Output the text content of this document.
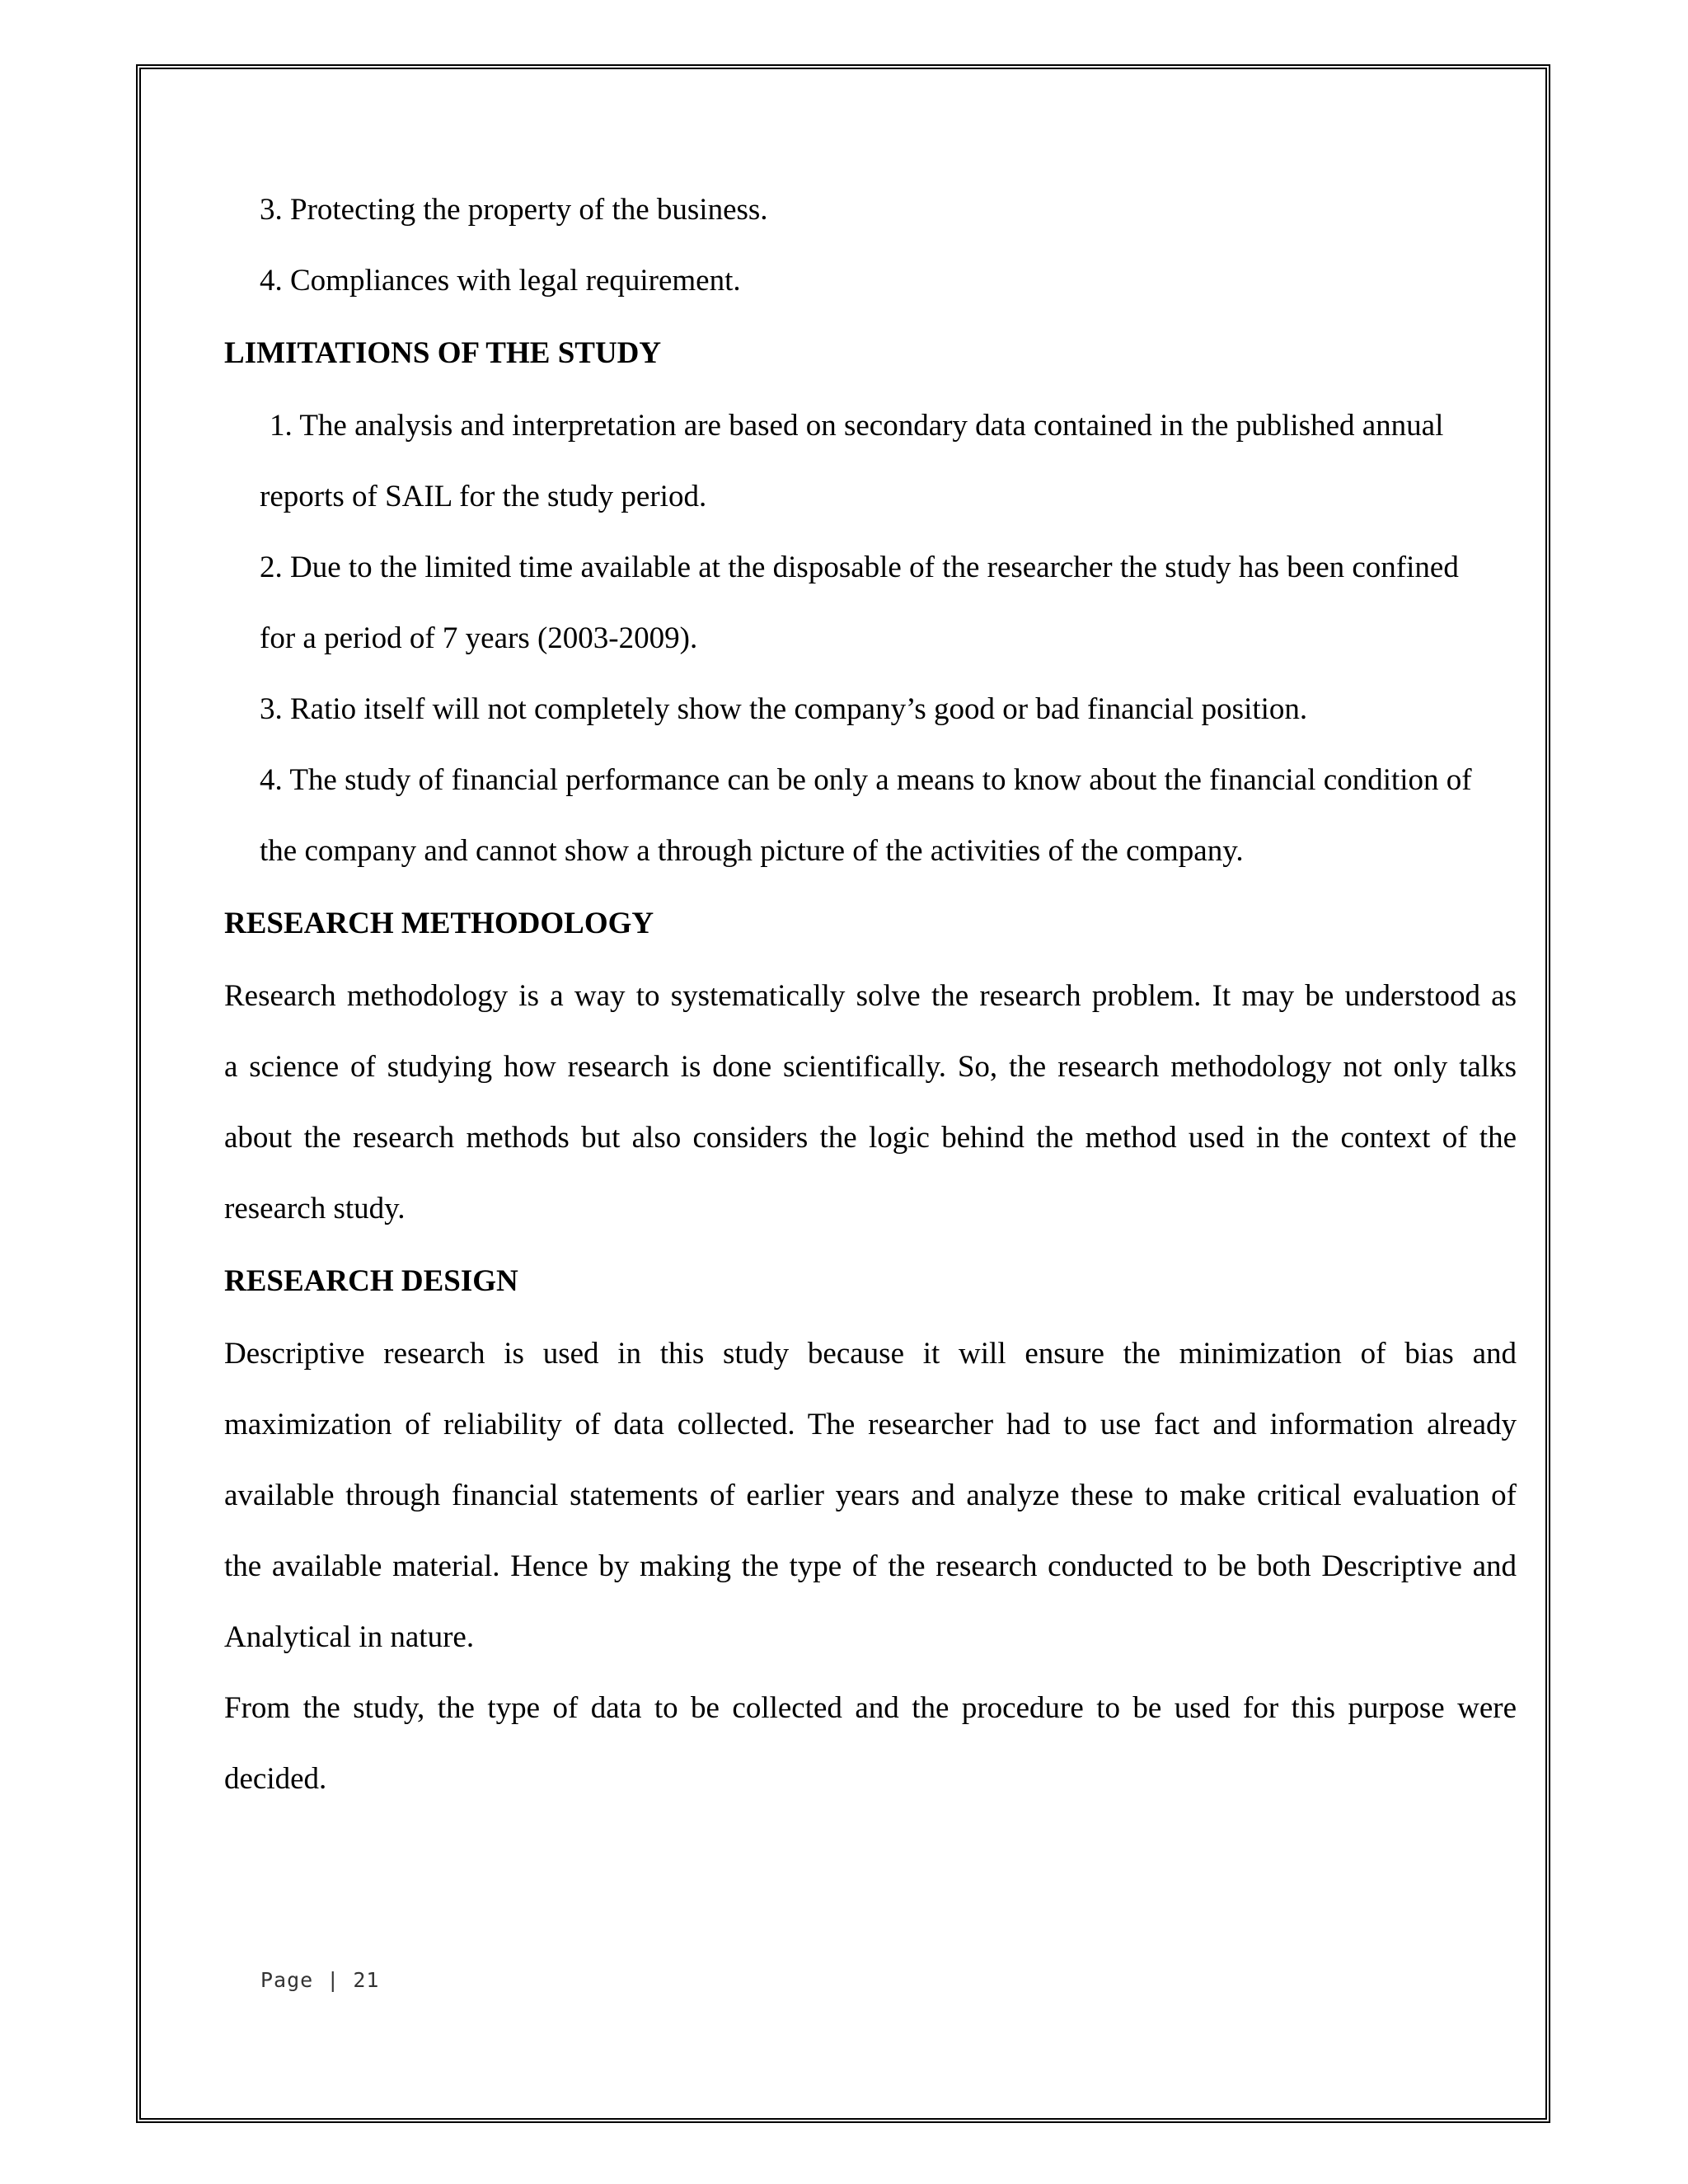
3. Protecting the property of the business.

4. Compliances with legal requirement.

LIMITATIONS OF THE STUDY

1. The analysis and interpretation are based on secondary data contained in the published annual

reports of SAIL for the study period.

2. Due to the limited time available at the disposable of the researcher the study has been confined

for a period of 7 years (2003-2009).

3. Ratio itself will not completely show the company’s good or bad financial position.

4. The study of financial performance can be only a means to know about the financial condition of

the company and cannot show a through picture of the activities of the company.

RESEARCH METHODOLOGY

Research methodology is a way to systematically solve the research problem. It may be understood as

a science of studying how research is done scientifically. So, the research methodology not only talks

about the research methods but also considers the logic behind the method used in the context of the

research study.

RESEARCH DESIGN

Descriptive research is used in this study because it will ensure the minimization of bias and

maximization of reliability of data collected. The researcher had to use fact and information already

available through financial statements of earlier years and analyze these to make critical evaluation of

the available material. Hence by making the type of the research conducted to be both Descriptive and

Analytical in nature.

From the study, the type of data to be collected and the procedure to be used for this purpose were

decided.

Page | 21
